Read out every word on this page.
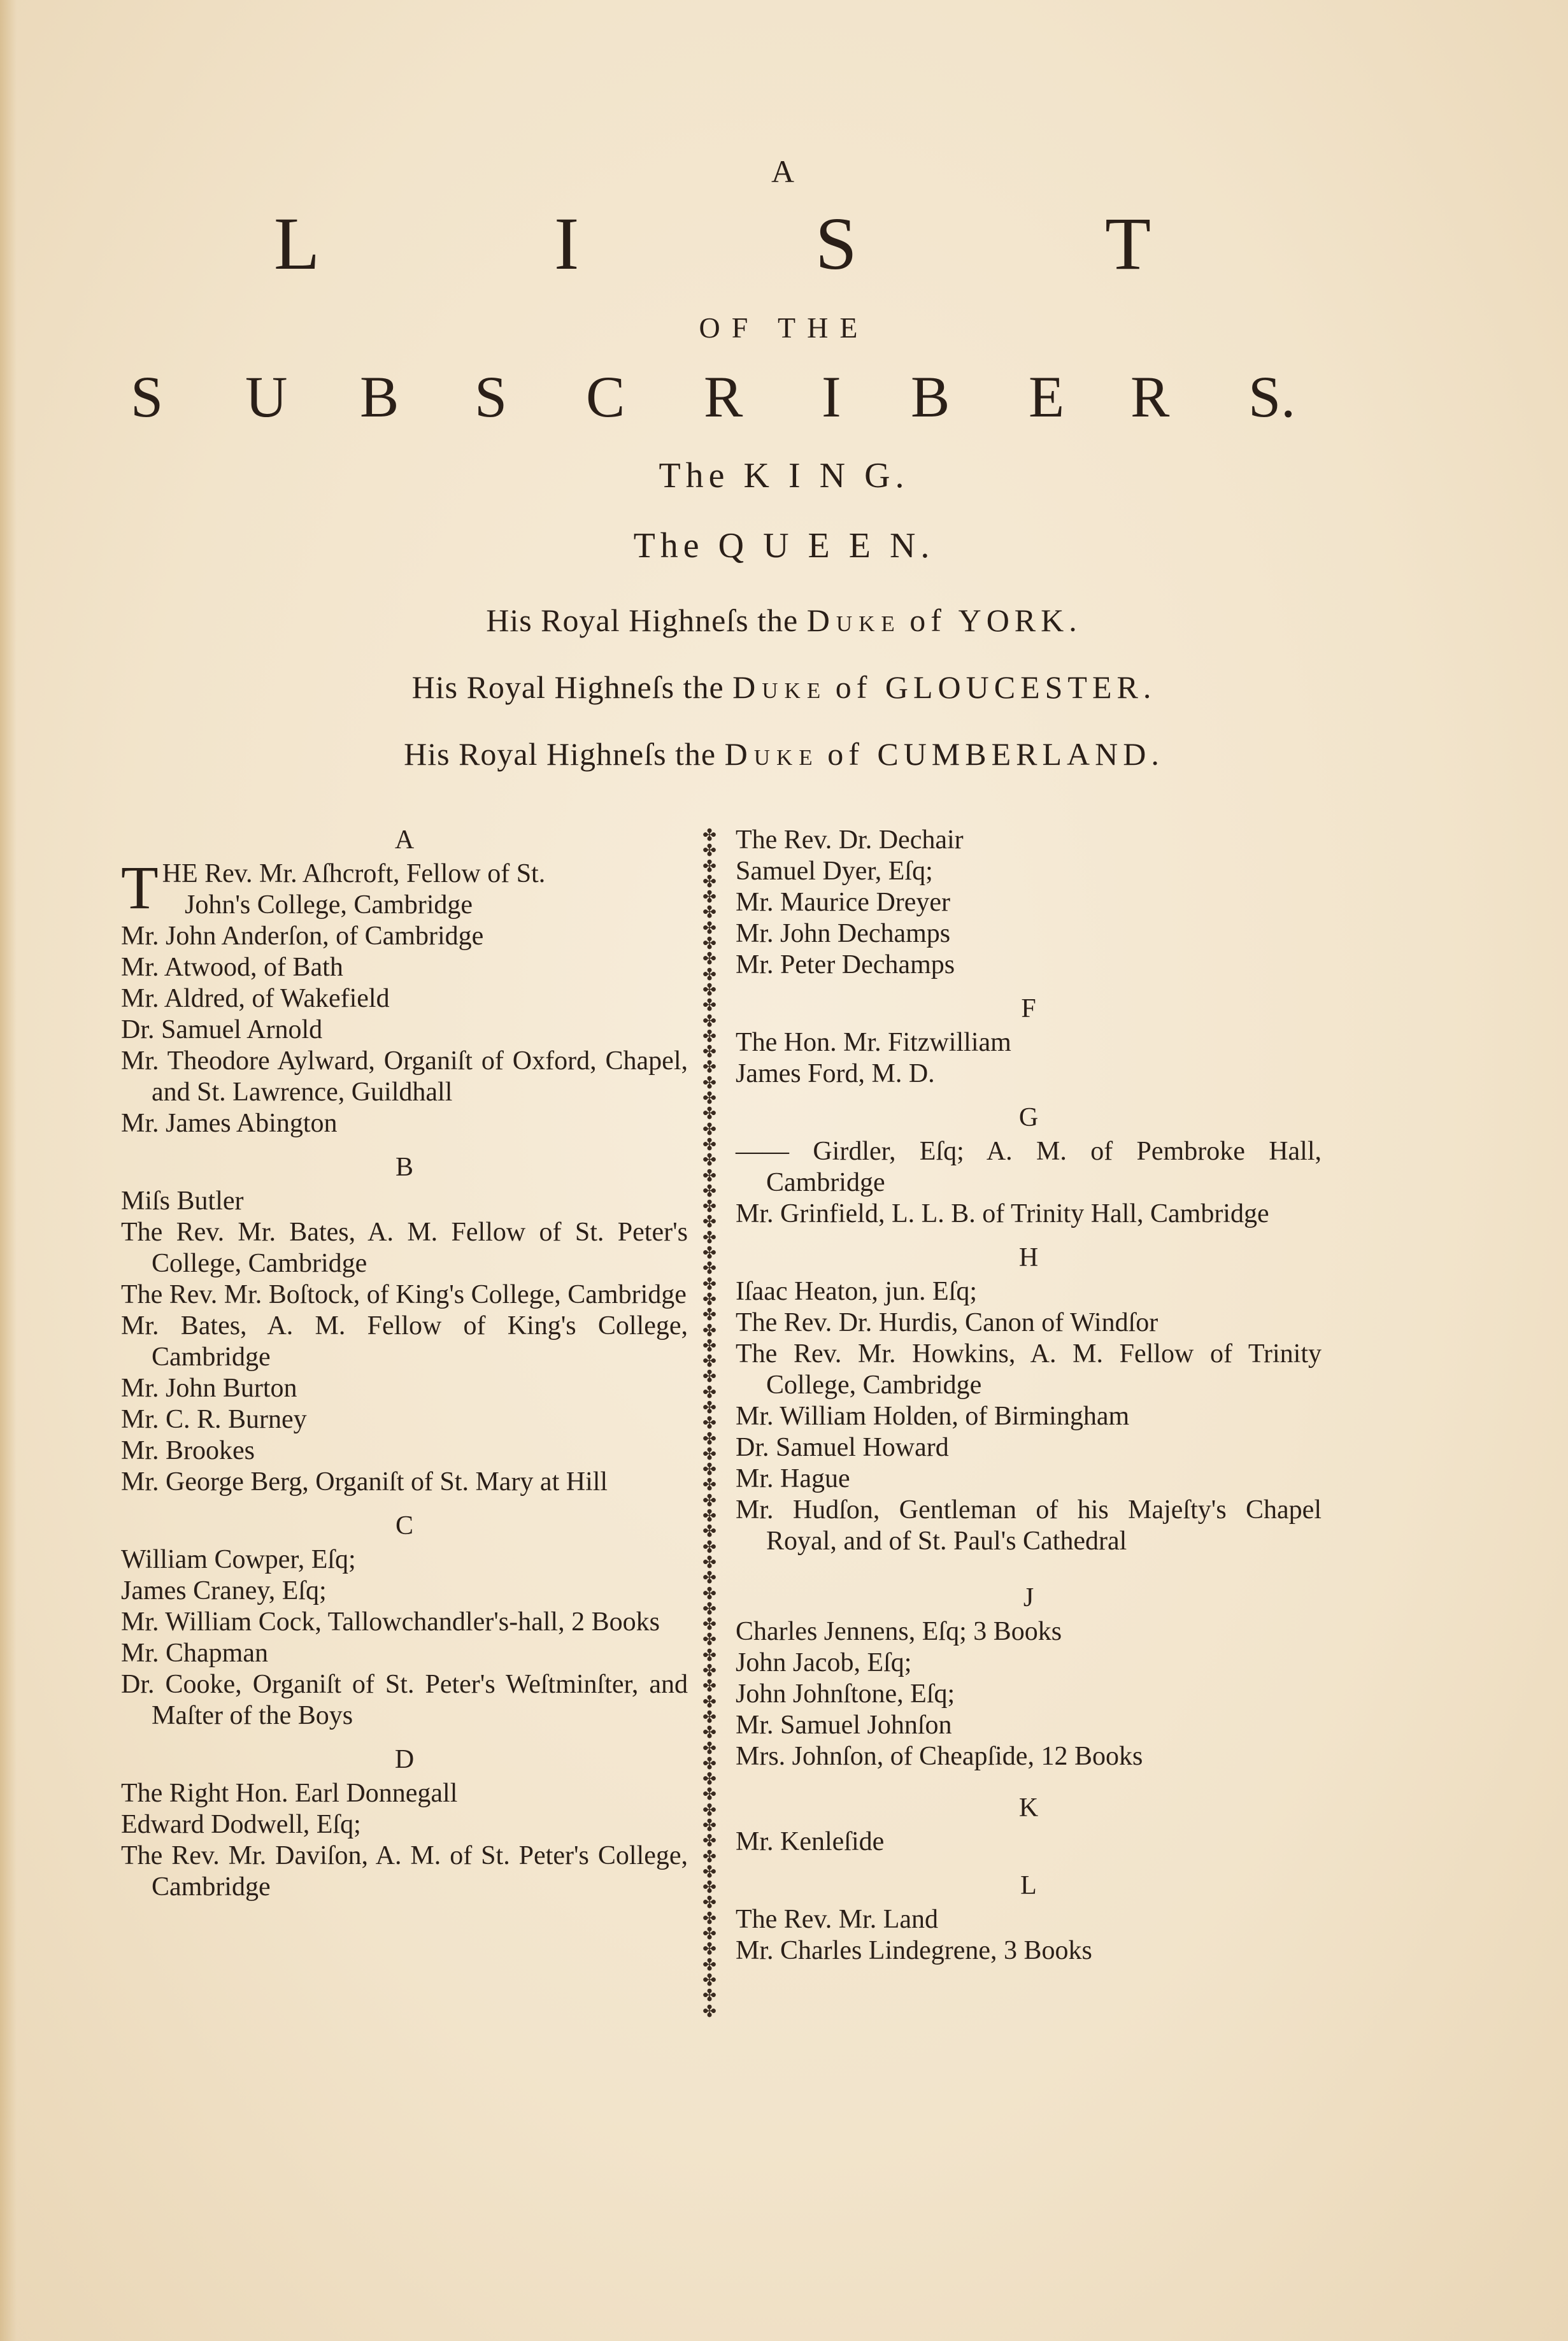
A
L	I	S	T
OF THE
S U B S C R I B E R S.
The K I N G.
The Q U E E N.
His Royal Highneſs the Duke of YORK.
His Royal Highneſs the Duke of GLOUCESTER.
His Royal Highneſs the Duke of CUMBERLAND.
A
T HE Rev. Mr. Aſhcroft, Fellow of St.
John's College, Cambridge
Mr. John Anderſon, of Cambridge
Mr. Atwood, of Bath
Mr. Aldred, of Wakefield
Dr. Samuel Arnold
Mr. Theodore Aylward, Organiſt of Oxford, Chapel, and St. Lawrence, Guildhall
Mr. James Abington
B
Miſs Butler
The Rev. Mr. Bates, A. M. Fellow of St. Peter's College, Cambridge
The Rev. Mr. Boſtock, of King's College, Cambridge
Mr. Bates, A. M. Fellow of King's College, Cambridge
Mr. John Burton
Mr. C. R. Burney
Mr. Brookes
Mr. George Berg, Organiſt of St. Mary at Hill
C
William Cowper, Eſq;
James Craney, Eſq;
Mr. William Cock, Tallowchandler's-hall, 2 Books
Mr. Chapman
Dr. Cooke, Organiſt of St. Peter's Weſtminſter, and Maſter of the Boys
D
The Right Hon. Earl Donnegall
Edward Dodwell, Eſq;
The Rev. Mr. Daviſon, A. M. of St. Peter's College, Cambridge
✤
✤
✤
✤
✤
✤
✤
✤
✤
✤
✤
✤
✤
✤
✤
✤
✤
✤
✤
✤
✤
✤
✤
✤
✤
✤
✤
✤
✤
✤
✤
✤
✤
✤
✤
✤
✤
✤
✤
✤
✤
✤
✤
✤
✤
✤
✤
✤
✤
✤
✤
✤
✤
✤
✤
✤
✤
✤
✤
✤
✤
✤
✤
✤
✤
✤
✤
✤
✤
✤
✤
✤
✤
✤
✤
✤
✤

The Rev. Dr. Dechair
Samuel Dyer, Eſq;
Mr. Maurice Dreyer
Mr. John Dechamps
Mr. Peter Dechamps
F
The Hon. Mr. Fitzwilliam
James Ford, M. D.
G
—— Girdler, Eſq; A. M. of Pembroke Hall, Cambridge
Mr. Grinfield, L. L. B. of Trinity Hall, Cambridge
H
Iſaac Heaton, jun. Eſq;
The Rev. Dr. Hurdis, Canon of Windſor
The Rev. Mr. Howkins, A. M. Fellow of Trinity College, Cambridge
Mr. William Holden, of Birmingham
Dr. Samuel Howard
Mr. Hague
Mr. Hudſon, Gentleman of his Majeſty's Chapel Royal, and of St. Paul's Cathedral
J
Charles Jennens, Eſq; 3 Books
John Jacob, Eſq;
John Johnſtone, Eſq;
Mr. Samuel Johnſon
Mrs. Johnſon, of Cheapſide, 12 Books
K
Mr. Kenleſide
L
The Rev. Mr. Land
Mr. Charles Lindegrene, 3 Books
